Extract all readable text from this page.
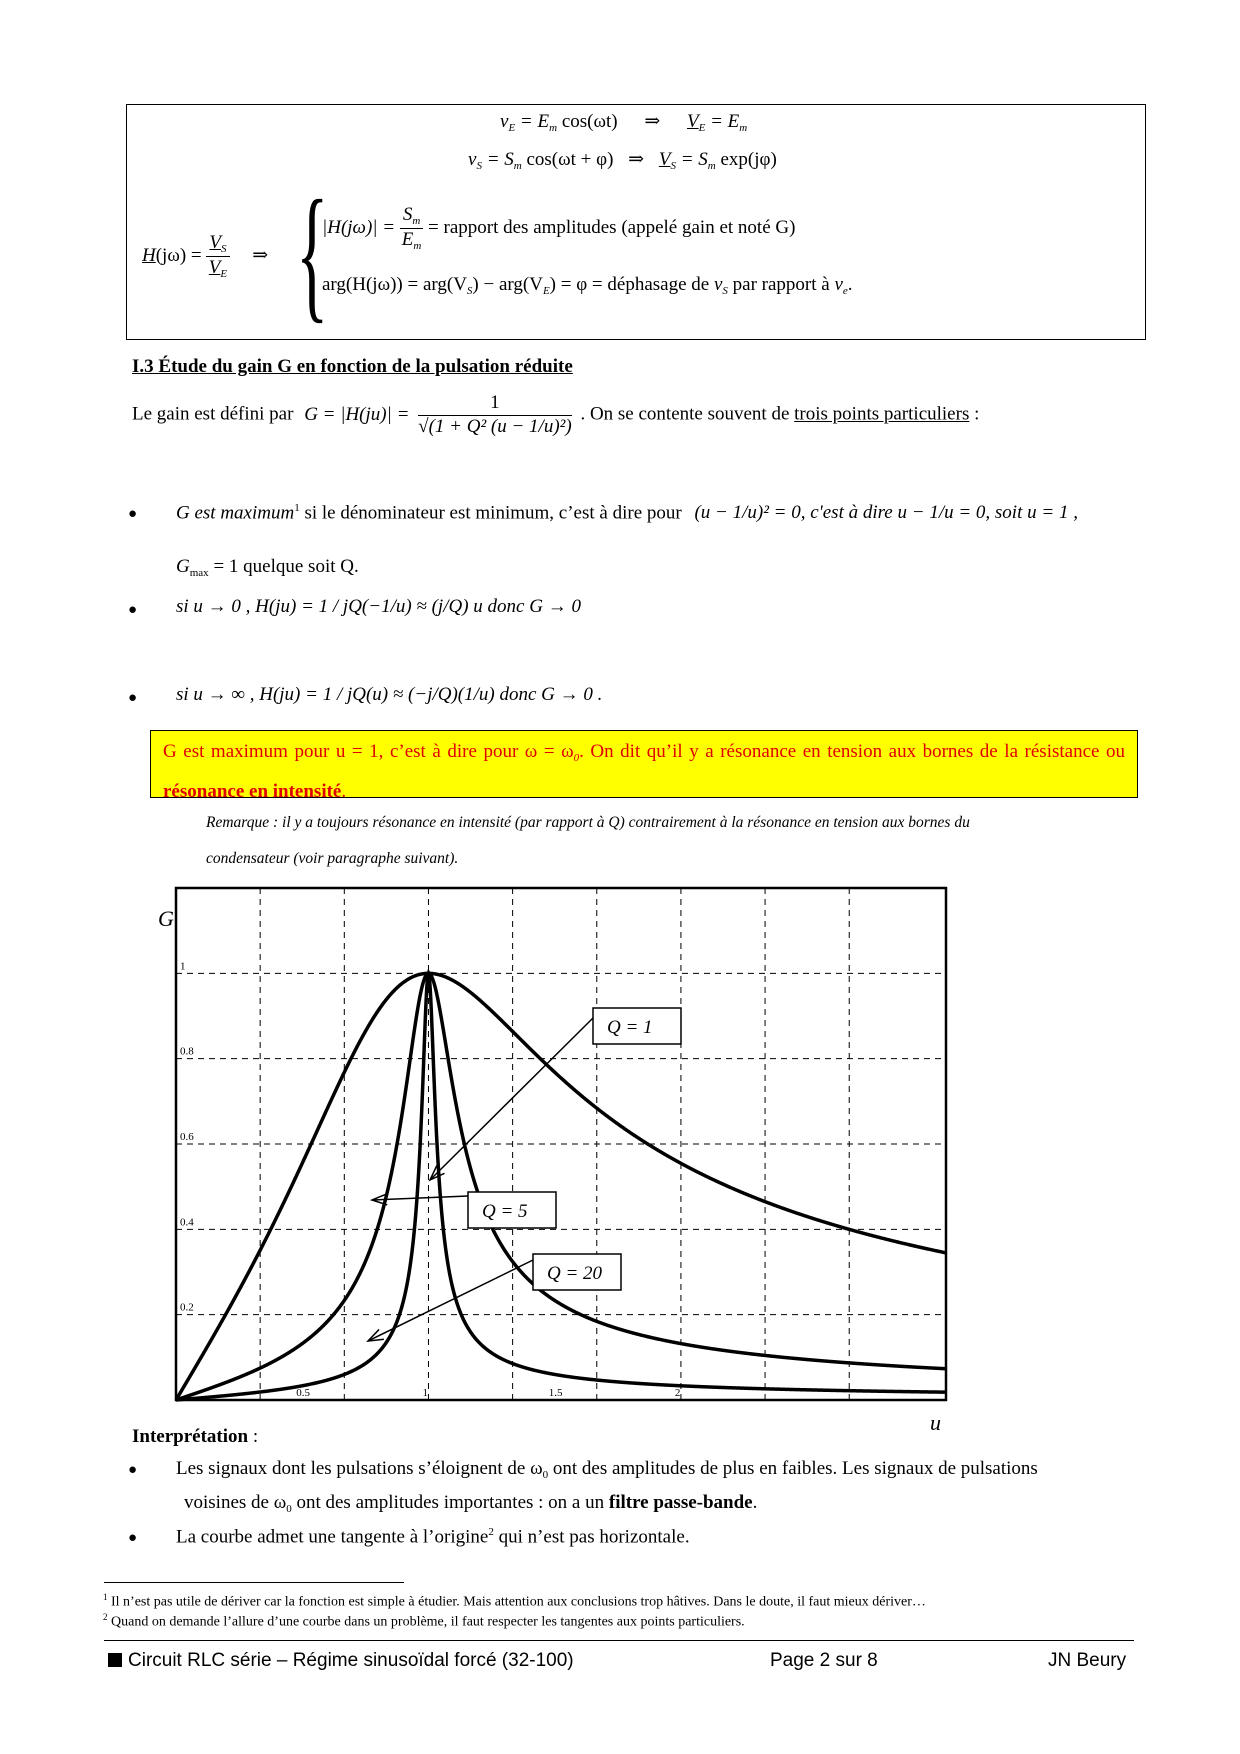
$v_E = E_m$ cos(ωt) ⇒ $V_E = E_m$
$v_S = S_m$ cos(ωt + φ) ⇒ $V_S = S_m$ exp(jφ)
$H(j\omega) = \frac{V_S}{V_E}$ ⇒ {
$|H(j\omega)| = \frac{S_m}{E_m}$ = rapport des amplitudes (appelé gain et noté G)
$arg(H(j\omega)) = arg(V_S) - arg(V_E) = \varphi$ = déphasage de $v_S$ par rapport à $v_e$.
I.3 Étude du gain G en fonction de la pulsation réduite
Le gain est défini par $G = |H(ju)| = \frac{1}{\text{√(1 + Q² (u − 1/u)²)}}$ . On se contente souvent de trois points particuliers :
● G est maximum$^1$ si le dénominateur est minimum, c’est à dire pour (u − 1/u)² = 0, c'est à dire u − 1/u = 0, soit u = 1 ,
$G_{max} = 1$ quelque soit Q.
● si u → 0 , H(ju) = 1 / jQ(−1/u) ≈ (j/Q) u donc G → 0
● si u → ∞ , H(ju) = 1 / jQ(u) ≈ (−j/Q)(1/u) donc G → 0 .
G est maximum pour u = 1, c’est à dire pour $\omega = \omega_0$. On dit qu’il y a résonance en tension aux bornes de la résistance ou résonance en intensité.
Remarque : il y a toujours résonance en intensité (par rapport à Q) contrairement à la résonance en tension aux bornes du
condensateur (voir paragraphe suivant).
1
0.8
0.6
0.4
0.2
0.5	1	1.5	2
G
u
Q = 1
Q = 5
Q = 20
Interprétation :
● Les signaux dont les pulsations s’éloignent de $\omega_0$ ont des amplitudes de plus en faibles. Les signaux de pulsations
voisines de $\omega_0$ ont des amplitudes importantes : on a un filtre passe-bande.
● La courbe admet une tangente à l’origine$^2$ qui n’est pas horizontale.
$^1$ Il n’est pas utile de dériver car la fonction est simple à étudier. Mais attention aux conclusions trop hâtives. Dans le doute, il faut mieux dériver…
$^2$ Quand on demande l’allure d’une courbe dans un problème, il faut respecter les tangentes aux points particuliers.
Circuit RLC série – Régime sinusoïdal forcé (32-100)	Page 2 sur 8	JN Beury
